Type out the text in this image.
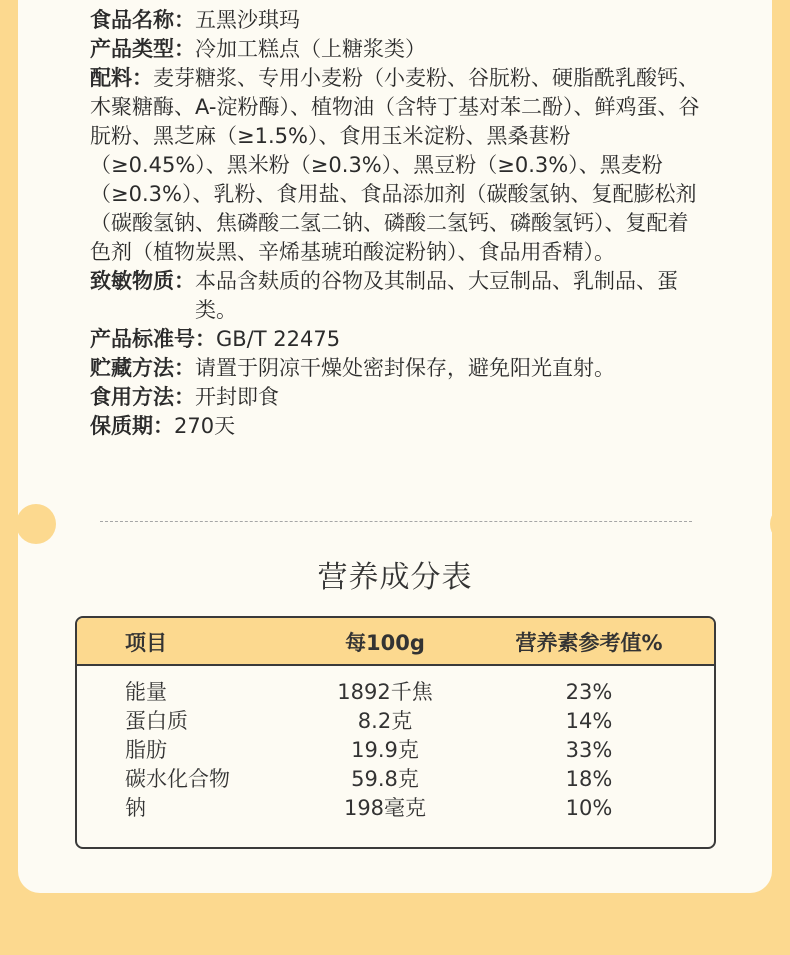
食品名称： 五黑沙琪玛
产品类型： 冷加工糕点（上糖浆类）
配料：麦芽糖浆、专用小麦粉（小麦粉、谷朊粉、硬脂酰乳酸钙、木聚糖酶、A-淀粉酶）、植物油（含特丁基对苯二酚）、鲜鸡蛋、谷朊粉、黑芝麻（≥1.5%）、食用玉米淀粉、黑桑葚粉（≥0.45%）、黑米粉（≥0.3%）、黑豆粉（≥0.3%）、黑麦粉（≥0.3%）、乳粉、食用盐、食品添加剂（碳酸氢钠、复配膨松剂（碳酸氢钠、焦磷酸二氢二钠、磷酸二氢钙、磷酸氢钙）、复配着色剂（植物炭黑、辛烯基琥珀酸淀粉钠）、食品用香精）。
致敏物质： 本品含麸质的谷物及其制品、大豆制品、乳制品、蛋类。
产品标准号： GB/T 22475
贮藏方法： 请置于阴凉干燥处密封保存，避免阳光直射。
食用方法： 开封即食
保质期： 270天
营养成分表
项目	每100g	营养素参考值%
能量	1892千焦	23%
蛋白质	8.2克	14%
脂肪	19.9克	33%
碳水化合物	59.8克	18%
钠	198毫克	10%
